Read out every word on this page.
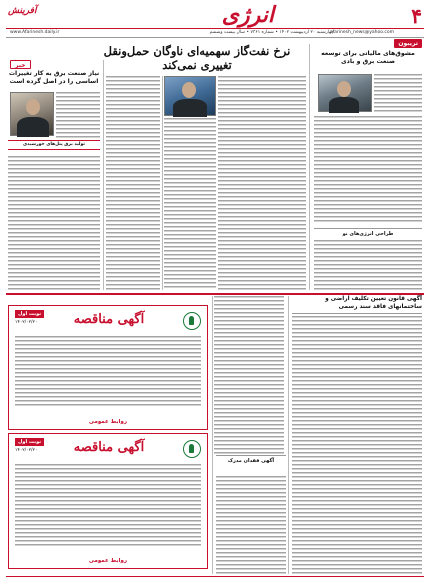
۴
انرژی
آفرینش
چهارشنبه ۲۰ اردیبهشت ۱۴۰۲ • شماره ۷۳۶۱ • سال بیست وششم
afarinesh_news@yahoo.com
www.Afarinesh.daily.ir
تریبون
خبر
نرخ نفت‌گاز سهمیه‌ای ناوگان حمل‌ونقل
تغییری نمی‌کند
مشوق‌های مالیاتی برای توسعه صنعت برق و بادی
طراحی انرژی‌های نو
نیاز صنعت برق به کار تغییرات اساسی را در اصل گرده است
تولید برق پنل‌های خورشیدی
آگهی قانون تعیین تکلیف اراضی و ساختمانهای فاقد سند رسمی
آگهی فقدان مدرک
نوبت اول
۱۴۰۲/۰۲/۲۰	آگهی مناقصه
روابط عمومی
نوبت اول
۱۴۰۲/۰۲/۲۰	آگهی مناقصه
روابط عمومی
